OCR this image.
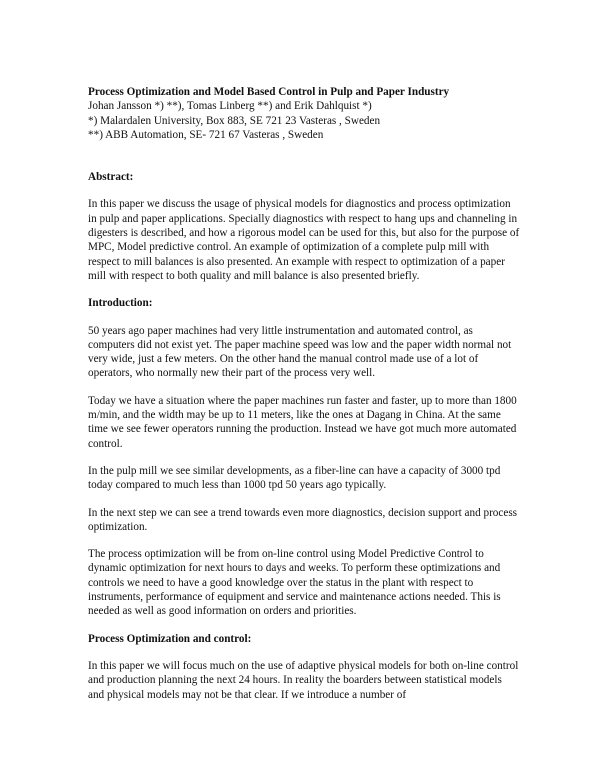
Process Optimization and Model Based Control in Pulp and Paper Industry

Johan Jansson *) **), Tomas Linberg **) and Erik Dahlquist *)

*) Malardalen University, Box 883, SE 721 23 Vasteras , Sweden

**) ABB Automation, SE- 721 67 Vasteras , Sweden

Abstract:

In this paper we discuss the usage of physical models for diagnostics and process optimization in pulp and paper applications. Specially diagnostics with respect to hang ups and channeling in digesters is described, and how a rigorous model can be used for this, but also for the purpose of MPC, Model predictive control. An example of optimization of a complete pulp mill with respect to mill balances is also presented. An example with respect to optimization of a paper mill with respect to both quality and mill balance is also presented briefly.

Introduction:

50 years ago paper machines had very little instrumentation and automated control, as computers did not exist yet. The paper machine speed was low and the paper width normal not very wide, just a few meters. On the other hand the manual control made use of a lot of operators, who normally new their part of the process very well.

Today we have a situation where the paper machines run faster and faster, up to more than 1800 m/min, and the width may be up to 11 meters, like the ones at Dagang in China. At the same time we see fewer operators running the production. Instead we have got much more automated control.

In the pulp mill we see similar developments, as a fiber-line can have a capacity of 3000 tpd today compared to much less than 1000 tpd 50 years ago typically.

In the next step we can see a trend towards even more diagnostics, decision support and process optimization.

The process optimization will be from on-line control using Model Predictive Control to dynamic optimization for next hours to days and weeks. To perform these optimizations and controls we need to have a good knowledge over the status in the plant with respect to instruments, performance of equipment and service and maintenance actions needed. This is needed as well as good information on orders and priorities.

Process Optimization and control:

In this paper we will focus much on the use of adaptive physical models for both on-line control and production planning the next 24 hours. In reality the boarders between statistical models and physical models may not be that clear. If we introduce a number of
